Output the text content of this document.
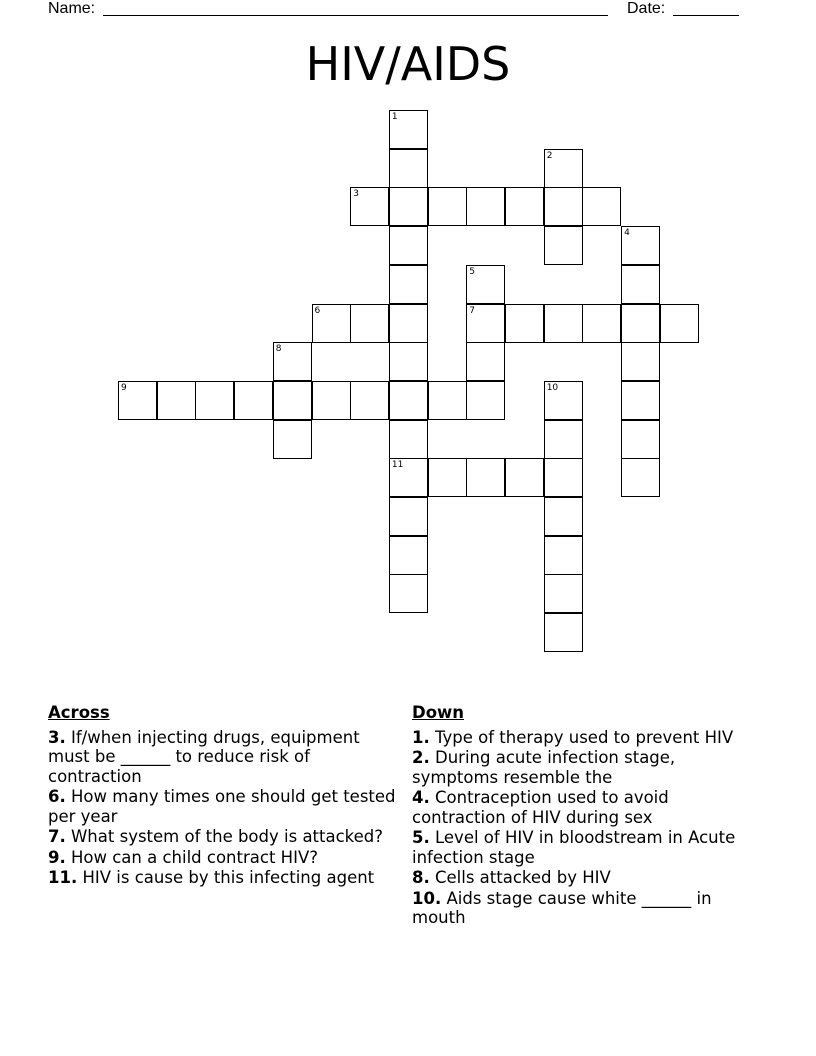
Name:	Date:
HIV/AIDS
1
2
3
4
5
6	7
8
9	10
11
Across
3. If/when injecting drugs, equipment must be ______ to reduce risk of contraction
6. How many times one should get tested per year
7. What system of the body is attacked?
9. How can a child contract HIV?
11. HIV is cause by this infecting agent
Down
1. Type of therapy used to prevent HIV
2. During acute infection stage, symptoms resemble the
4. Contraception used to avoid contraction of HIV during sex
5. Level of HIV in bloodstream in Acute infection stage
8. Cells attacked by HIV
10. Aids stage cause white ______ in mouth
